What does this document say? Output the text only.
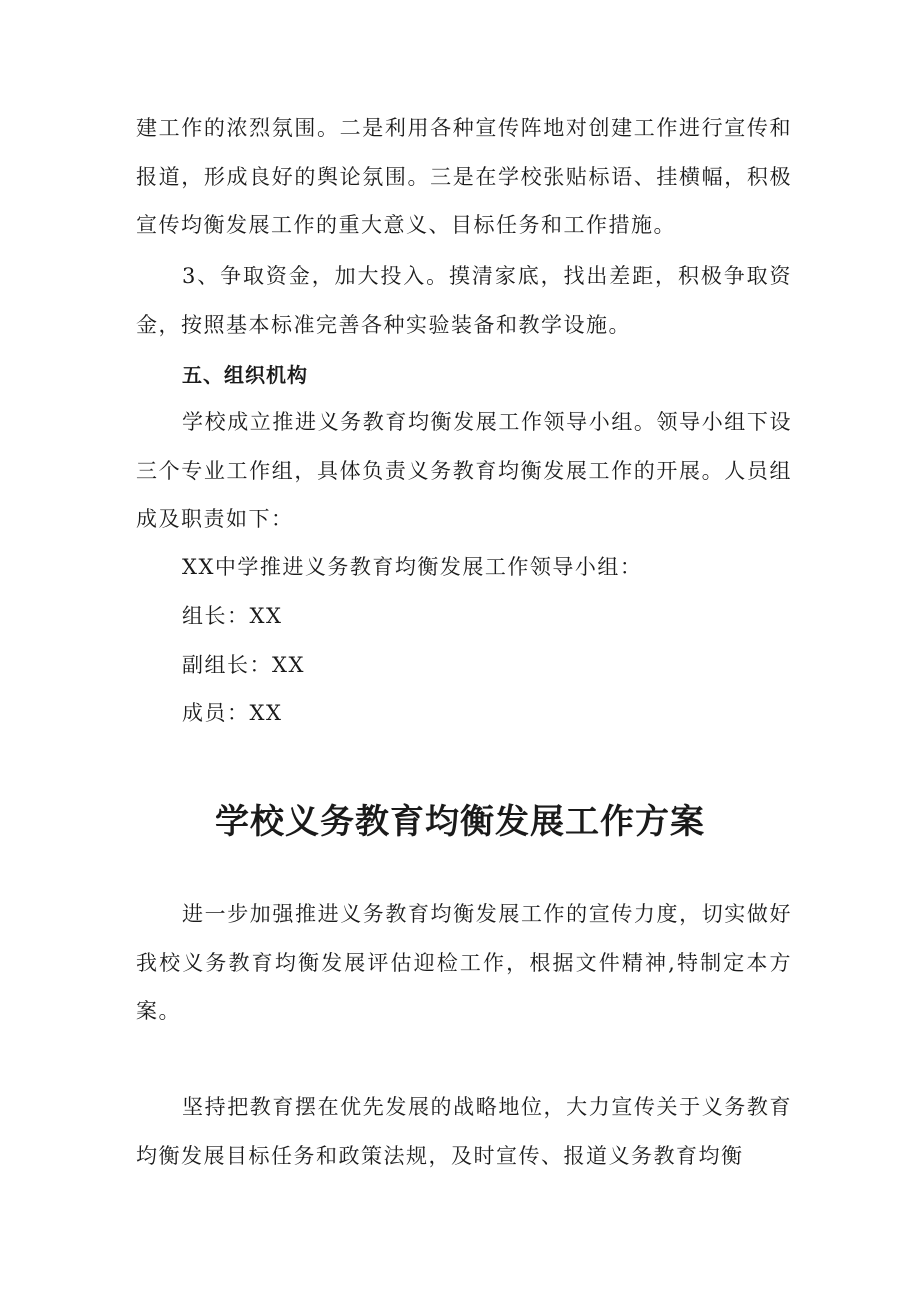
建工作的浓烈氛围。二是利用各种宣传阵地对创建工作进行宣传和报道，形成良好的舆论氛围。三是在学校张贴标语、挂横幅，积极宣传均衡发展工作的重大意义、目标任务和工作措施。

3、争取资金，加大投入。摸清家底，找出差距，积极争取资金，按照基本标准完善各种实验装备和教学设施。

五、组织机构

学校成立推进义务教育均衡发展工作领导小组。领导小组下设三个专业工作组，具体负责义务教育均衡发展工作的开展。人员组成及职责如下：

XX中学推进义务教育均衡发展工作领导小组：

组长：XX

副组长：XX

成员：XX

学校义务教育均衡发展工作方案

进一步加强推进义务教育均衡发展工作的宣传力度，切实做好我校义务教育均衡发展评估迎检工作，根据文件精神,特制定本方案。

坚持把教育摆在优先发展的战略地位，大力宣传关于义务教育均衡发展目标任务和政策法规，及时宣传、报道义务教育均衡
